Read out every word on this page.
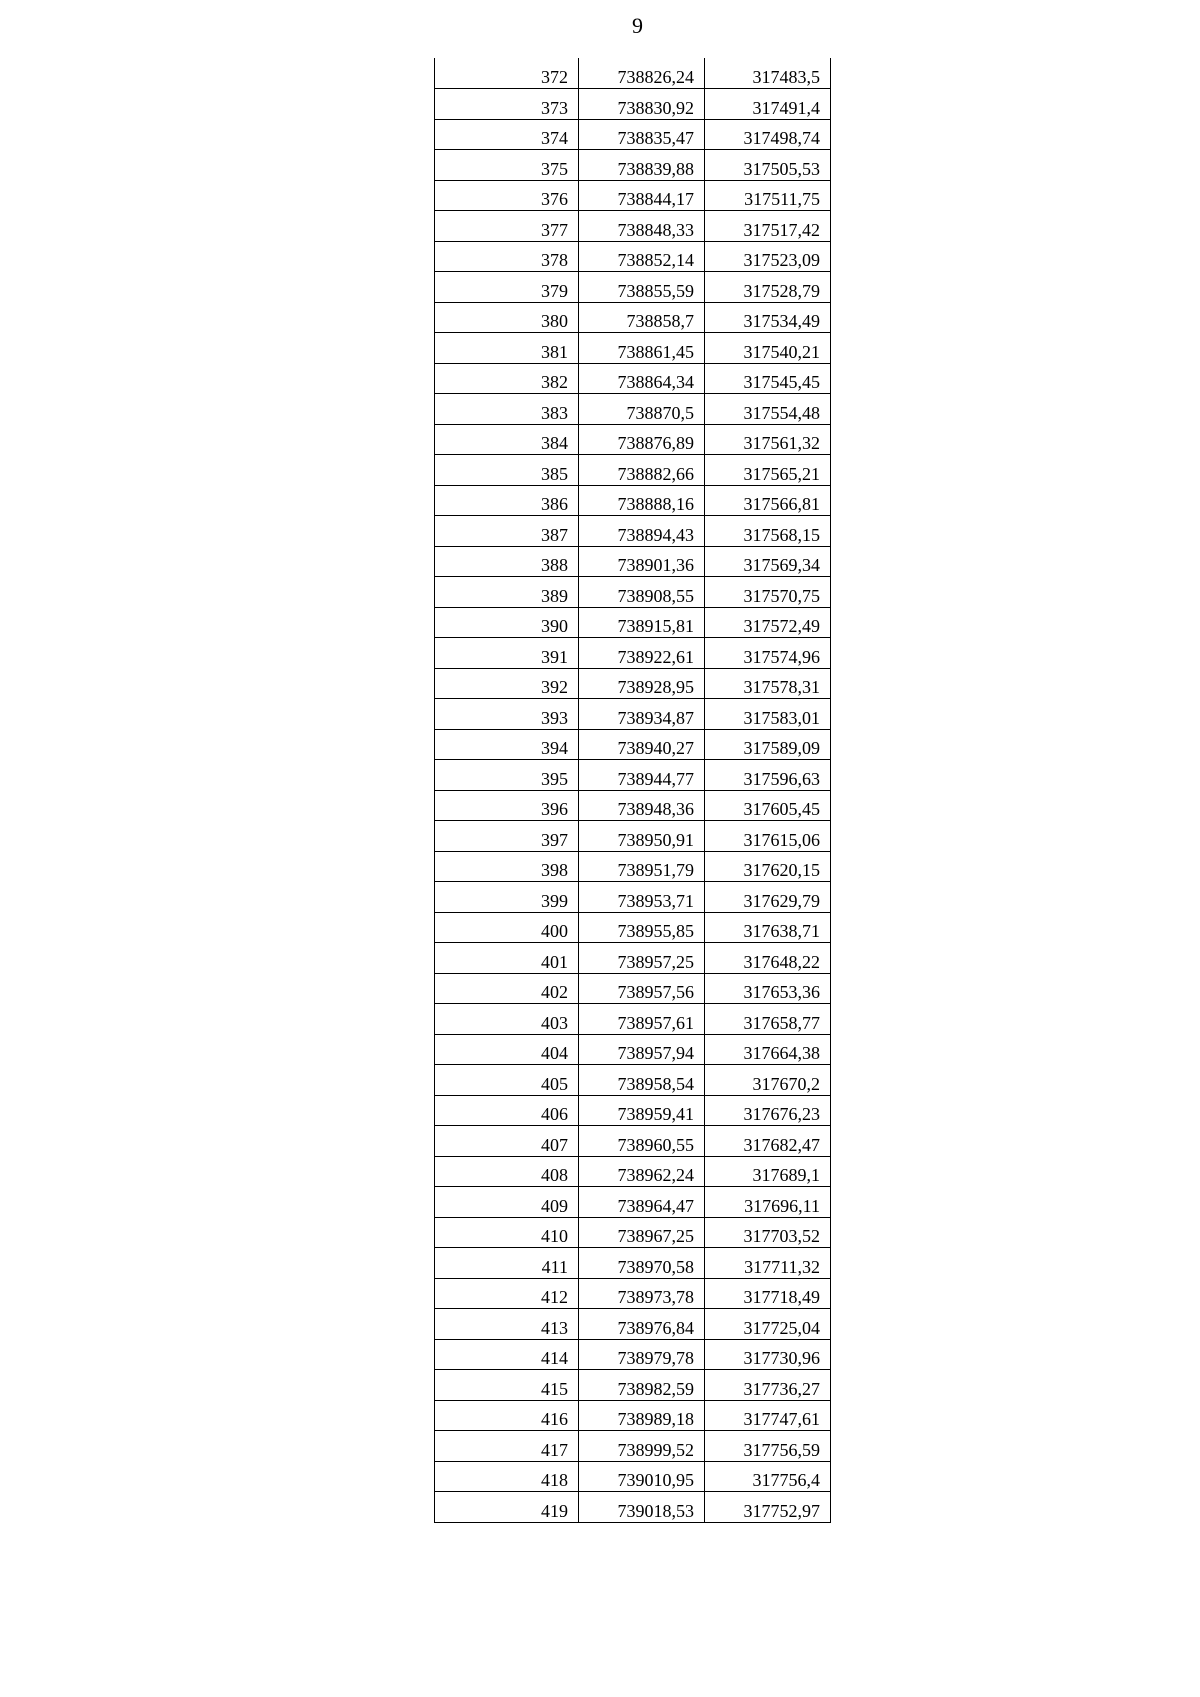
9
372	738826,24	317483,5
373	738830,92	317491,4
374	738835,47	317498,74
375	738839,88	317505,53
376	738844,17	317511,75
377	738848,33	317517,42
378	738852,14	317523,09
379	738855,59	317528,79
380	738858,7	317534,49
381	738861,45	317540,21
382	738864,34	317545,45
383	738870,5	317554,48
384	738876,89	317561,32
385	738882,66	317565,21
386	738888,16	317566,81
387	738894,43	317568,15
388	738901,36	317569,34
389	738908,55	317570,75
390	738915,81	317572,49
391	738922,61	317574,96
392	738928,95	317578,31
393	738934,87	317583,01
394	738940,27	317589,09
395	738944,77	317596,63
396	738948,36	317605,45
397	738950,91	317615,06
398	738951,79	317620,15
399	738953,71	317629,79
400	738955,85	317638,71
401	738957,25	317648,22
402	738957,56	317653,36
403	738957,61	317658,77
404	738957,94	317664,38
405	738958,54	317670,2
406	738959,41	317676,23
407	738960,55	317682,47
408	738962,24	317689,1
409	738964,47	317696,11
410	738967,25	317703,52
411	738970,58	317711,32
412	738973,78	317718,49
413	738976,84	317725,04
414	738979,78	317730,96
415	738982,59	317736,27
416	738989,18	317747,61
417	738999,52	317756,59
418	739010,95	317756,4
419	739018,53	317752,97
